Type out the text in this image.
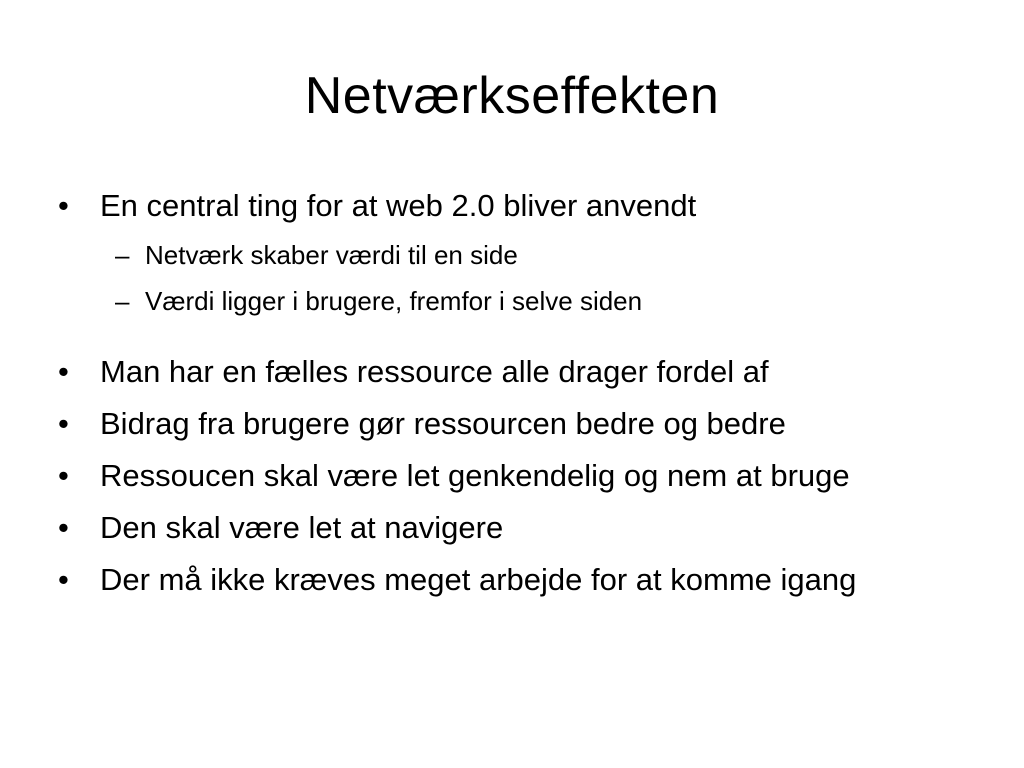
Netværkseffekten
•	En central ting for at web 2.0 bliver anvendt
– Netværk skaber værdi til en side
– Værdi ligger i brugere, fremfor i selve siden
•	Man har en fælles ressource alle drager fordel af
•	Bidrag fra brugere gør ressourcen bedre og bedre
•	Ressoucen skal være let genkendelig og nem at bruge
•	Den skal være let at navigere
•	Der må ikke kræves meget arbejde for at komme igang
